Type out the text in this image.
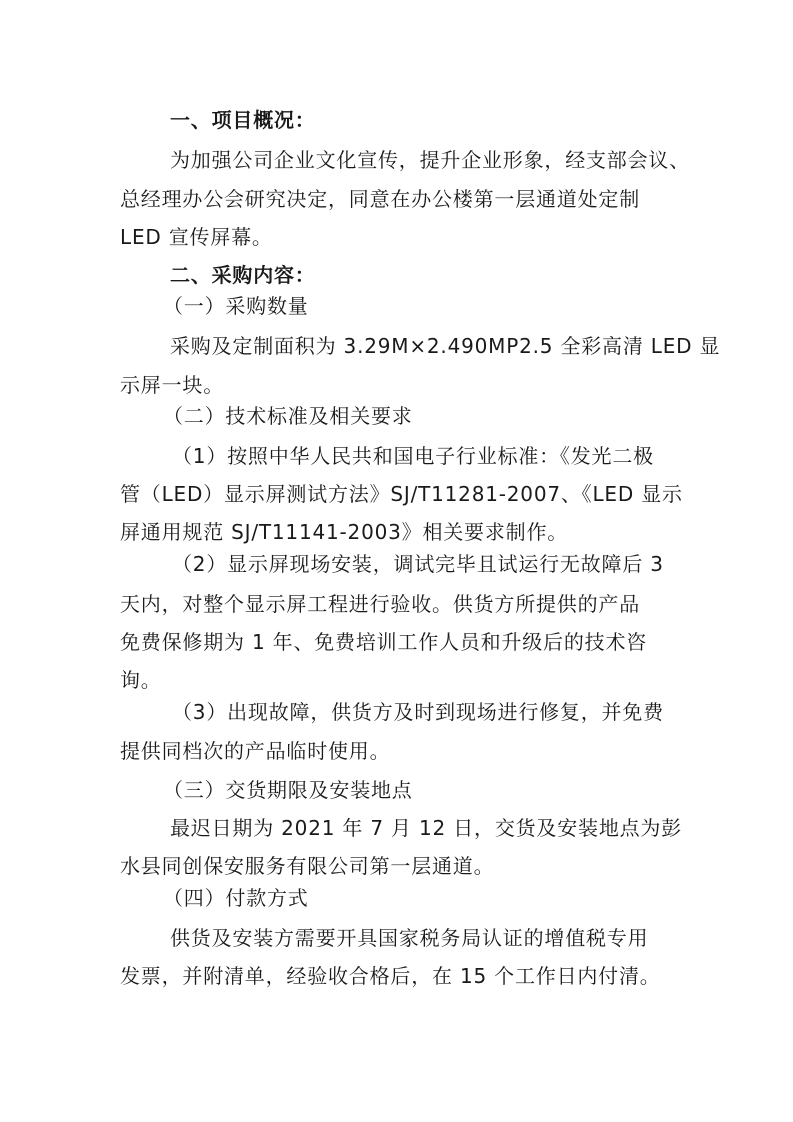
一、项目概况：

为加强公司企业文化宣传，提升企业形象，经支部会议、

总经理办公会研究决定，同意在办公楼第一层通道处定制

LED 宣传屏幕。

二、采购内容：

（一）采购数量

采购及定制面积为 3.29M×2.490MP2.5 全彩高清 LED 显

示屏一块。

（二）技术标准及相关要求

（1）按照中华人民共和国电子行业标准：《发光二极

管（LED）显示屏测试方法》SJ/T11281-2007、《LED 显示

屏通用规范 SJ/T11141-2003》相关要求制作。

（2）显示屏现场安装，调试完毕且试运行无故障后 3

天内，对整个显示屏工程进行验收。供货方所提供的产品

免费保修期为 1 年、免费培训工作人员和升级后的技术咨

询。

（3）出现故障，供货方及时到现场进行修复，并免费

提供同档次的产品临时使用。

（三）交货期限及安装地点

最迟日期为 2021 年 7 月 12 日，交货及安装地点为彭

水县同创保安服务有限公司第一层通道。

（四）付款方式

供货及安装方需要开具国家税务局认证的增值税专用

发票，并附清单，经验收合格后，在 15 个工作日内付清。
